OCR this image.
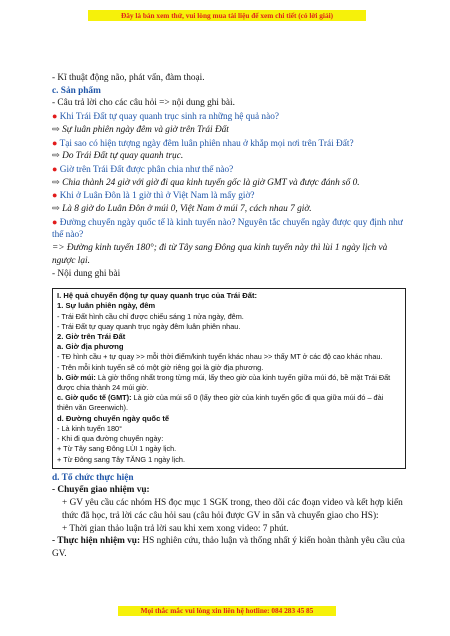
Đây là bản xem thử, vui lòng mua tài liệu để xem chi tiết (có lời giải)
- Kĩ thuật động não, phát vấn, đàm thoại.
c. Sản phẩm
- Câu trả lời cho các câu hỏi => nội dung ghi bài.
● Khi Trái Đất tự quay quanh trục sinh ra những hệ quả nào?
⇨ Sự luân phiên ngày đêm và giờ trên Trái Đất
● Tại sao có hiện tượng ngày đêm luân phiên nhau ở khắp mọi nơi trên Trái Đất?
⇨ Do Trái Đất tự quay quanh trục.
● Giờ trên Trái Đất được phân chia như thế nào?
⇨ Chia thành 24 giờ với giờ đi qua kinh tuyến gốc là giờ GMT và được đánh số 0.
● Khi ở Luân Đôn là 1 giờ thì ở Việt Nam là mấy giờ?
⇨ Là 8 giờ do Luân Đôn ở múi 0, Việt Nam ở múi 7, cách nhau 7 giờ.
● Đường chuyển ngày quốc tế là kinh tuyến nào? Nguyên tắc chuyển ngày được quy định như thế nào?
=> Đường kinh tuyến 180°; đi từ Tây sang Đông qua kinh tuyến này thì lùi 1 ngày lịch và ngược lại.
- Nội dung ghi bài
I. Hệ quả chuyển động tự quay quanh trục của Trái Đất:
1. Sự luân phiên ngày, đêm
- Trái Đất hình cầu chỉ được chiếu sáng 1 nửa ngày, đêm.
- Trái Đất tự quay quanh trục ngày đêm luân phiên nhau.
2. Giờ trên Trái Đất
a. Giờ địa phương
- TĐ hình cầu + tự quay >> mỗi thời điểm/kinh tuyến khác nhau >> thấy MT ở các độ cao khác nhau.
- Trên mỗi kinh tuyến sẽ có một giờ riêng gọi là giờ địa phương.
b. Giờ múi: Là giờ thống nhất trong từng múi, lấy theo giờ của kinh tuyến giữa múi đó, bề mặt Trái Đất được chia thành 24 múi giờ.
c. Giờ quốc tế (GMT): Là giờ của múi số 0 (lấy theo giờ của kinh tuyến gốc đi qua giữa múi đó – đài thiên văn Greenwich).
d. Đường chuyển ngày quốc tế
- Là kinh tuyến 180°
- Khi đi qua đường chuyển ngày:
+ Từ Tây sang Đông LÙI 1 ngày lịch.
+ Từ Đông sang Tây TĂNG 1 ngày lịch.
d. Tổ chức thực hiện
- Chuyển giao nhiệm vụ:
+ GV yêu cầu các nhóm HS đọc mục 1 SGK trong, theo dõi các đoạn video và kết hợp kiến thức đã học, trả lời các câu hỏi sau (câu hỏi được GV in sẵn và chuyển giao cho HS):
+ Thời gian thảo luận trả lời sau khi xem xong video: 7 phút.
- Thực hiện nhiệm vụ: HS nghiên cứu, thảo luận và thống nhất ý kiến hoàn thành yêu cầu của GV.
Mọi thắc mắc vui lòng xin liên hệ hotline: 084 283 45 85
